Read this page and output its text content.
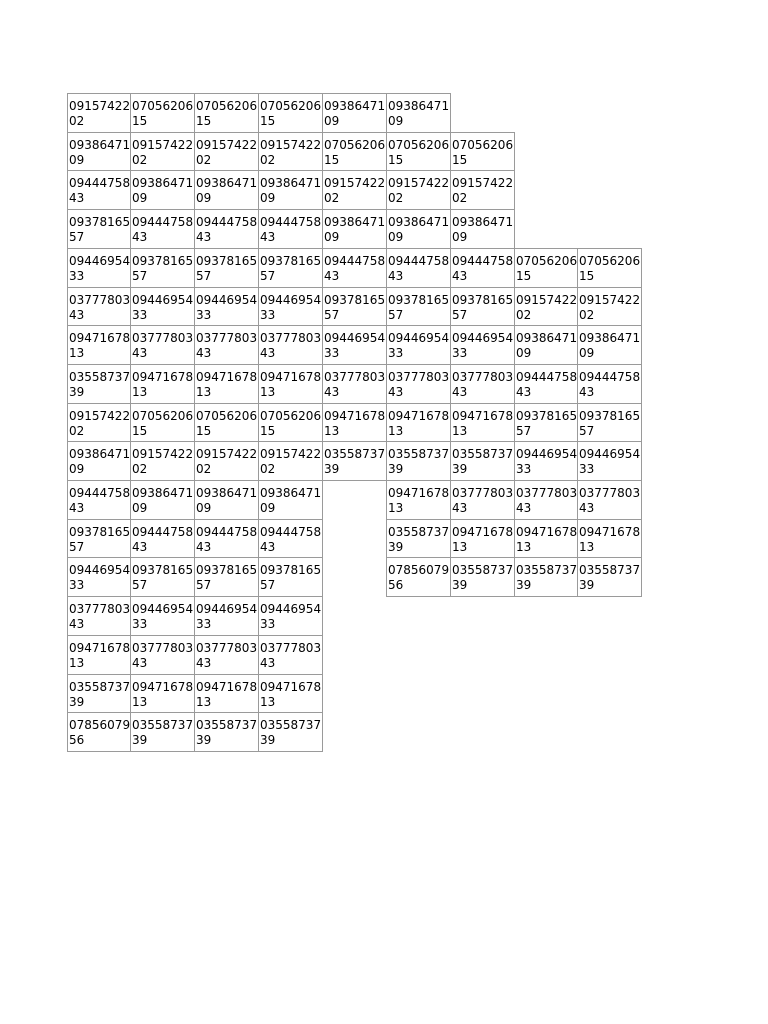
09157422
02
07056206
15
07056206
15
07056206
15
09386471
09
09386471
09
09386471
09
09157422
02
09157422
02
09157422
02
07056206
15
07056206
15
07056206
15
09444758
43
09386471
09
09386471
09
09386471
09
09157422
02
09157422
02
09157422
02
09378165
57
09444758
43
09444758
43
09444758
43
09386471
09
09386471
09
09386471
09
09446954
33
09378165
57
09378165
57
09378165
57
09444758
43
09444758
43
09444758
43
07056206
15
07056206
15
03777803
43
09446954
33
09446954
33
09446954
33
09378165
57
09378165
57
09378165
57
09157422
02
09157422
02
09471678
13
03777803
43
03777803
43
03777803
43
09446954
33
09446954
33
09446954
33
09386471
09
09386471
09
03558737
39
09471678
13
09471678
13
09471678
13
03777803
43
03777803
43
03777803
43
09444758
43
09444758
43
09157422
02
07056206
15
07056206
15
07056206
15
09471678
13
09471678
13
09471678
13
09378165
57
09378165
57
09386471
09
09157422
02
09157422
02
09157422
02
03558737
39
03558737
39
03558737
39
09446954
33
09446954
33
09444758
43
09386471
09
09386471
09
09386471
09
09471678
13
03777803
43
03777803
43
03777803
43
09378165
57
09444758
43
09444758
43
09444758
43
03558737
39
09471678
13
09471678
13
09471678
13
09446954
33
09378165
57
09378165
57
09378165
57
07856079
56
03558737
39
03558737
39
03558737
39
03777803
43
09446954
33
09446954
33
09446954
33
09471678
13
03777803
43
03777803
43
03777803
43
03558737
39
09471678
13
09471678
13
09471678
13
07856079
56
03558737
39
03558737
39
03558737
39
